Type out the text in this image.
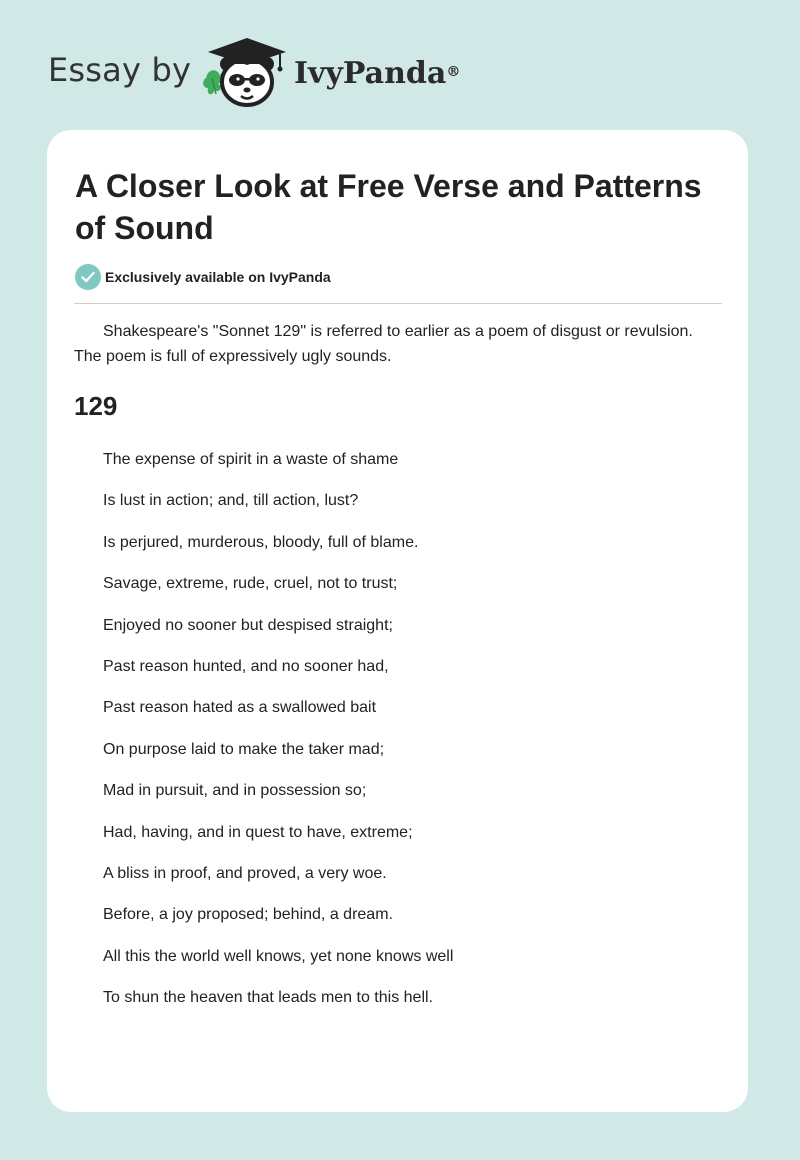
Essay by	IvyPanda®
A Closer Look at Free Verse and Patterns of Sound
Exclusively available on IvyPanda

Shakespeare's "Sonnet 129" is referred to earlier as a poem of disgust or revulsion. The poem is full of expressively ugly sounds.

129
The expense of spirit in a waste of shame
Is lust in action; and, till action, lust?
Is perjured, murderous, bloody, full of blame.
Savage, extreme, rude, cruel, not to trust;
Enjoyed no sooner but despised straight;
Past reason hunted, and no sooner had,
Past reason hated as a swallowed bait
On purpose laid to make the taker mad;
Mad in pursuit, and in possession so;
Had, having, and in quest to have, extreme;
A bliss in proof, and proved, a very woe.
Before, a joy proposed; behind, a dream.
All this the world well knows, yet none knows well
To shun the heaven that leads men to this hell.
